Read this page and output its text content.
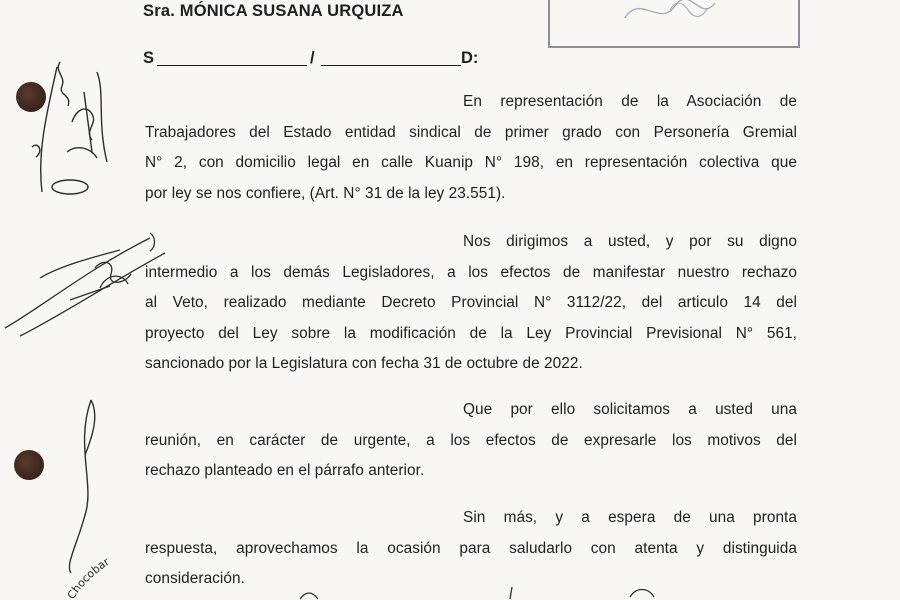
Sra. MÓNICA SUSANA URQUIZA
S	/	D:

En representación de la Asociación de

Trabajadores del Estado entidad sindical de primer grado con Personería Gremial

N° 2, con domicilio legal en calle Kuanip N° 198, en representación colectiva que

por ley se nos confiere, (Art. N° 31 de la ley 23.551).

Nos dirigimos a usted, y por su digno

intermedio a los demás Legisladores, a los efectos de manifestar nuestro rechazo

al Veto, realizado mediante Decreto Provincial N° 3112/22, del articulo 14 del

proyecto del Ley sobre la modificación de la Ley Provincial Previsional N° 561,

sancionado por la Legislatura con fecha 31 de octubre de 2022.

Que por ello solicitamos a usted una

reunión, en carácter de urgente, a los efectos de expresarle los motivos del

rechazo planteado en el párrafo anterior.

Sin más, y a espera de una pronta

respuesta, aprovechamos la ocasión para saludarlo con atenta y distinguida

consideración.

Chocobar
